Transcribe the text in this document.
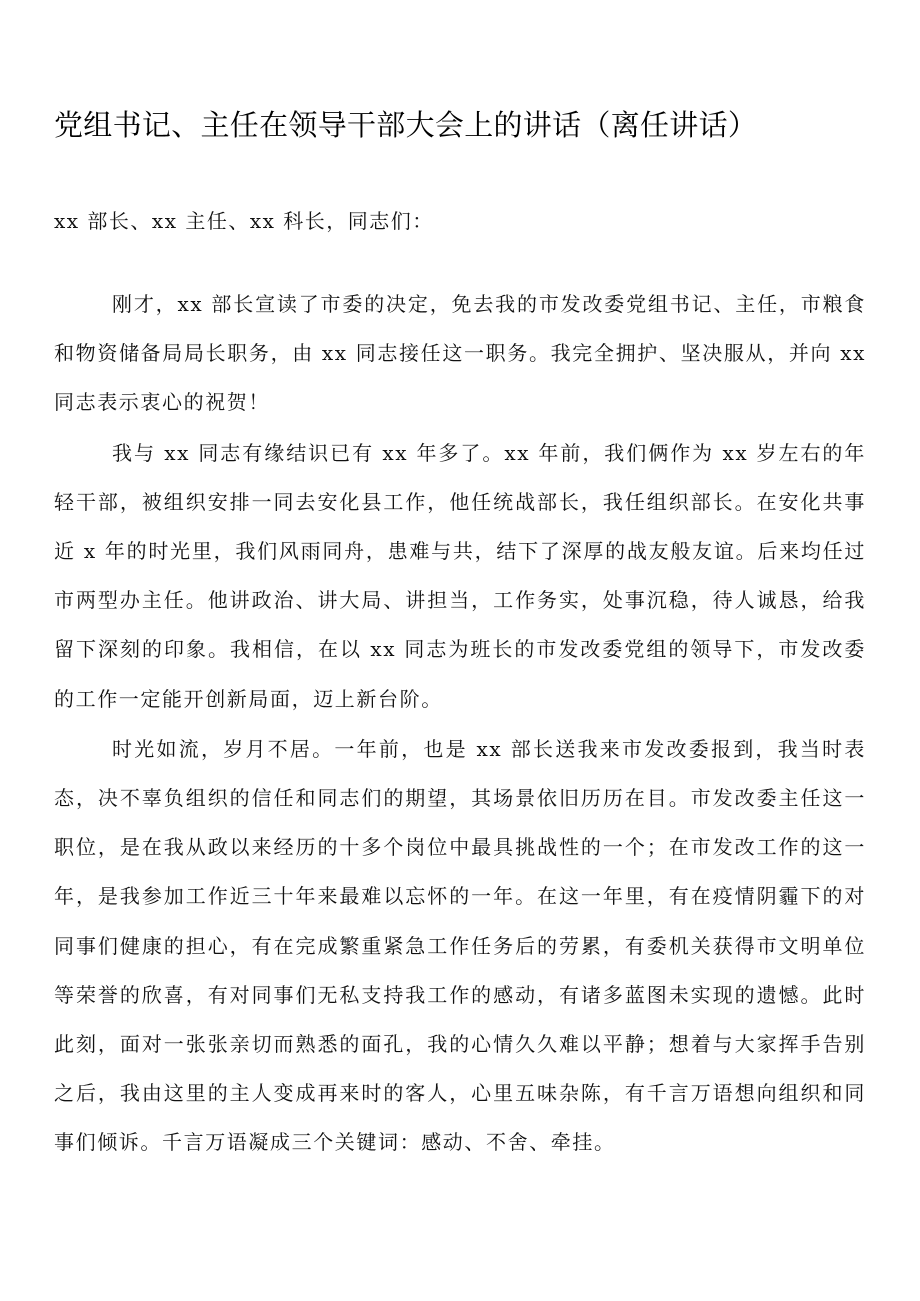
党组书记、主任在领导干部大会上的讲话（离任讲话）

xx 部长、xx 主任、xx 科长，同志们：

刚才，xx 部长宣读了市委的决定，免去我的市发改委党组书记、主任，市粮食和物资储备局局长职务，由 xx 同志接任这一职务。我完全拥护、坚决服从，并向 xx 同志表示衷心的祝贺！

我与 xx 同志有缘结识已有 xx 年多了。xx 年前，我们俩作为 xx 岁左右的年轻干部，被组织安排一同去安化县工作，他任统战部长，我任组织部长。在安化共事近 x 年的时光里，我们风雨同舟，患难与共，结下了深厚的战友般友谊。后来均任过市两型办主任。他讲政治、讲大局、讲担当，工作务实，处事沉稳，待人诚恳，给我留下深刻的印象。我相信，在以 xx 同志为班长的市发改委党组的领导下，市发改委的工作一定能开创新局面，迈上新台阶。

时光如流，岁月不居。一年前，也是 xx 部长送我来市发改委报到，我当时表态，决不辜负组织的信任和同志们的期望，其场景依旧历历在目。市发改委主任这一职位，是在我从政以来经历的十多个岗位中最具挑战性的一个；在市发改工作的这一年，是我参加工作近三十年来最难以忘怀的一年。在这一年里，有在疫情阴霾下的对同事们健康的担心，有在完成繁重紧急工作任务后的劳累，有委机关获得市文明单位等荣誉的欣喜，有对同事们无私支持我工作的感动，有诸多蓝图未实现的遗憾。此时此刻，面对一张张亲切而熟悉的面孔，我的心情久久难以平静；想着与大家挥手告别之后，我由这里的主人变成再来时的客人，心里五味杂陈，有千言万语想向组织和同事们倾诉。千言万语凝成三个关键词：感动、不舍、牵挂。
